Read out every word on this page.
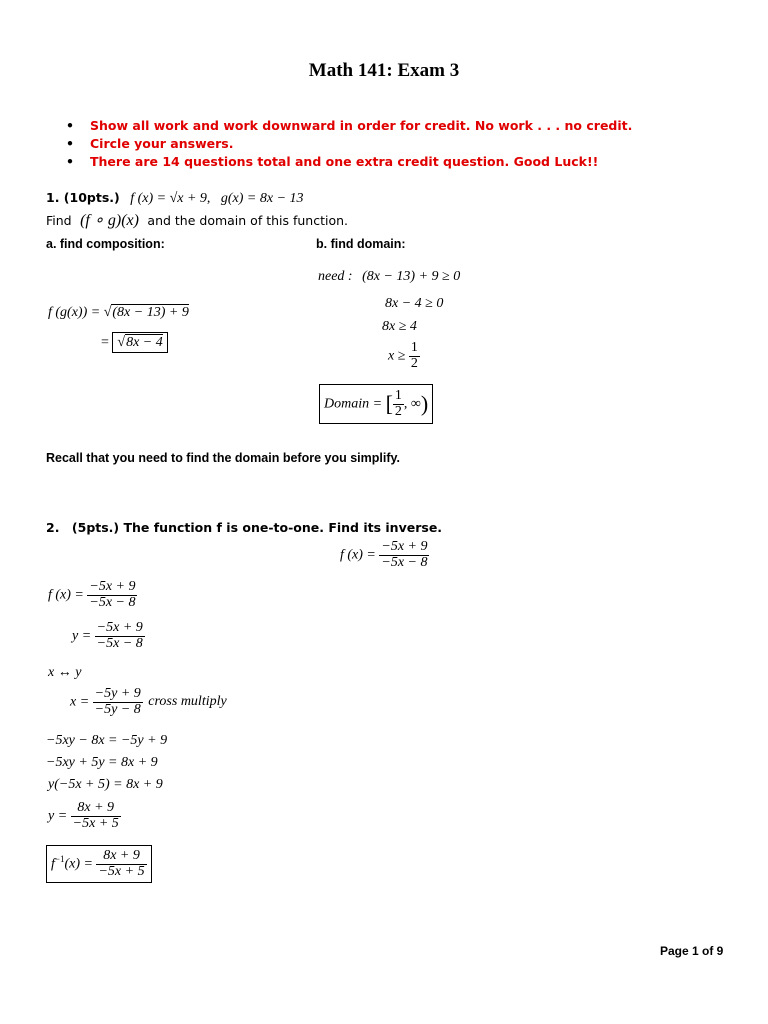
Math 141: Exam 3
• Show all work and work downward in order for credit. No work . . . no credit.
• Circle your answers.
• There are 14 questions total and one extra credit question. Good Luck!!
1. (10pts.) f (x) = √x + 9, g(x) = 8x − 13
Find (f ∘ g)(x) and the domain of this function.
a. find composition:	b. find domain:
f (g(x)) = √(8x − 13) + 9
= √8x − 4
need : (8x − 13) + 9 ≥ 0
8x − 4 ≥ 0
8x ≥ 4
$x \ge \frac{1}{2}$
Domain = [ $\frac{1}{2}$ , ∞)
Recall that you need to find the domain before you simplify.
2. (5pts.) The function f is one-to-one. Find its inverse.
f $(x) = \frac{-5x + 9}{-5x - 8}$
f $(x) = \frac{-5x + 9}{-5x - 8}$
$y = \frac{-5x + 9}{-5x - 8}$
x ↔ y
$x = \frac{-5y + 9}{-5y - 8}$ cross multiply
−5xy − 8x = −5y + 9
−5xy + 5y = 8x + 9
y(−5x + 5) = 8x + 9
$y = \frac{8x + 9}{-5x + 5}$
$f^{-1}(x) = \frac{8x + 9}{-5x + 5}$
Page 1 of 9
